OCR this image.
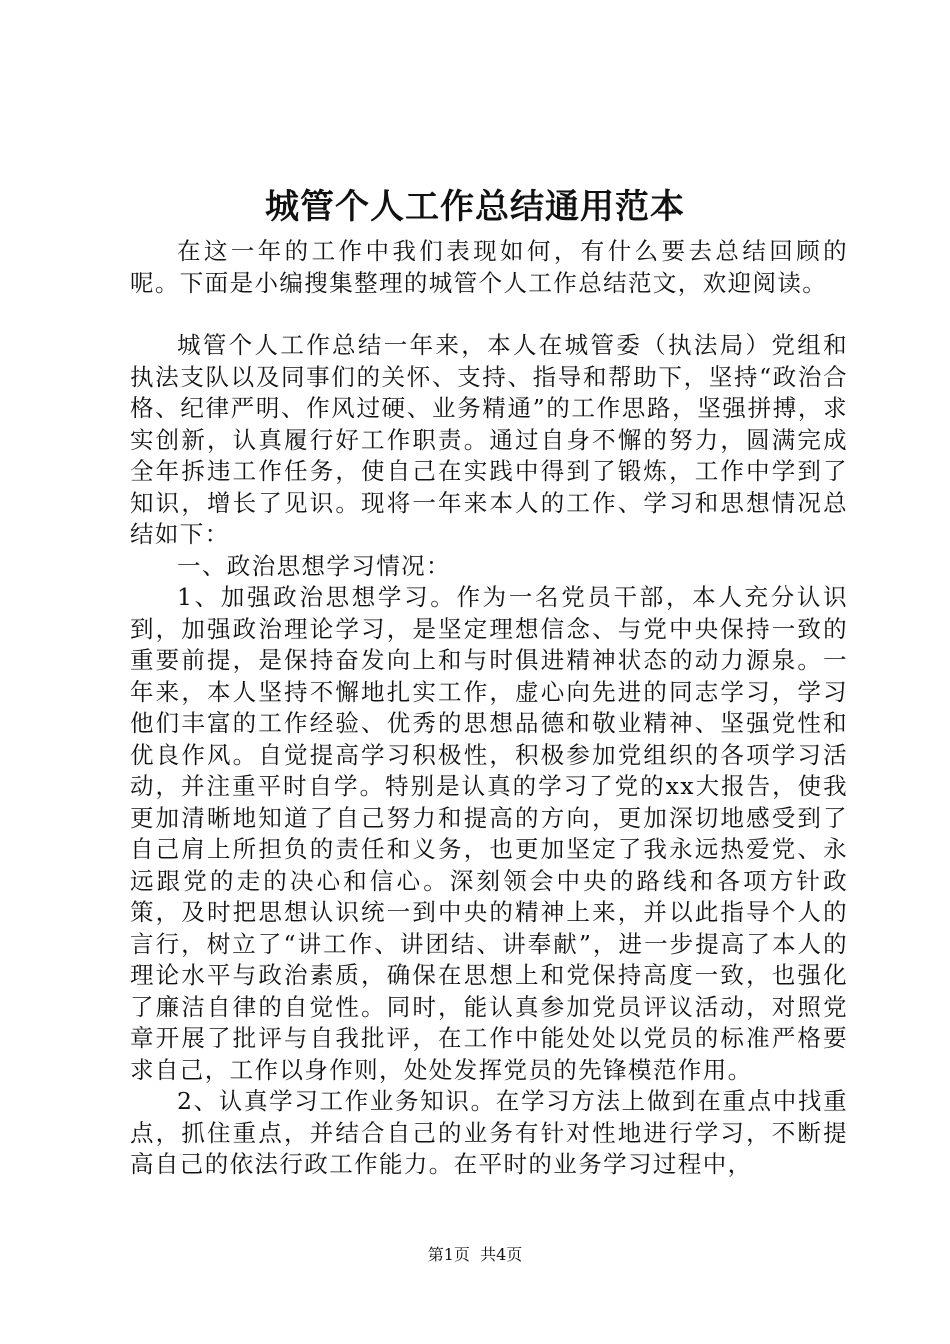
城管个人工作总结通用范本

在这一年的工作中我们表现如何，有什么要去总结回顾的呢。下面是小编搜集整理的城管个人工作总结范文，欢迎阅读。

城管个人工作总结一年来，本人在城管委（执法局）党组和执法支队以及同事们的关怀、支持、指导和帮助下，坚持“政治合格、纪律严明、作风过硬、业务精通”的工作思路，坚强拼搏，求实创新，认真履行好工作职责。通过自身不懈的努力，圆满完成全年拆违工作任务，使自己在实践中得到了锻炼，工作中学到了知识，增长了见识。现将一年来本人的工作、学习和思想情况总结如下：

一、政治思想学习情况：

1、加强政治思想学习。作为一名党员干部，本人充分认识到，加强政治理论学习，是坚定理想信念、与党中央保持一致的重要前提，是保持奋发向上和与时俱进精神状态的动力源泉。一年来，本人坚持不懈地扎实工作，虚心向先进的同志学习，学习他们丰富的工作经验、优秀的思想品德和敬业精神、坚强党性和优良作风。自觉提高学习积极性，积极参加党组织的各项学习活动，并注重平时自学。特别是认真的学习了党的xx大报告，使我更加清晰地知道了自己努力和提高的方向，更加深切地感受到了自己肩上所担负的责任和义务，也更加坚定了我永远热爱党、永远跟党的走的决心和信心。深刻领会中央的路线和各项方针政策，及时把思想认识统一到中央的精神上来，并以此指导个人的言行，树立了“讲工作、讲团结、讲奉献”，进一步提高了本人的理论水平与政治素质，确保在思想上和党保持高度一致，也强化了廉洁自律的自觉性。同时，能认真参加党员评议活动，对照党章开展了批评与自我批评，在工作中能处处以党员的标准严格要求自己，工作以身作则，处处发挥党员的先锋模范作用。

2、认真学习工作业务知识。在学习方法上做到在重点中找重点，抓住重点，并结合自己的业务有针对性地进行学习，不断提高自己的依法行政工作能力。在平时的业务学习过程中，

第1页 共4页
